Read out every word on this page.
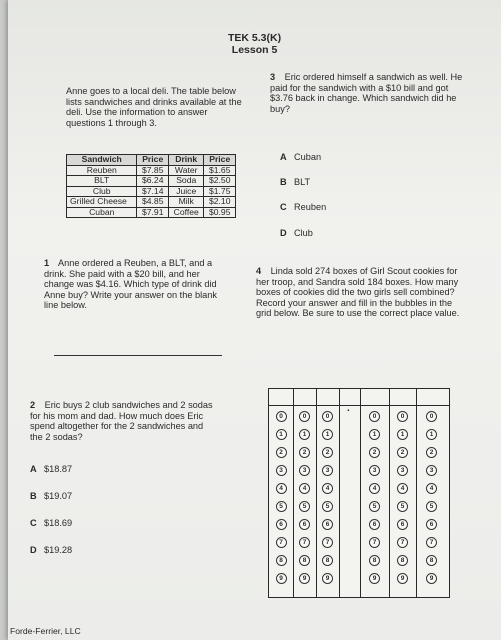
TEK 5.3(K)
Lesson 5
Anne goes to a local deli. The table below lists sandwiches and drinks available at the deli. Use the information to answer questions 1 through 3.
Sandwich	Price	Drink	Price
Reuben	$7.85	Water	$1.65
BLT	$6.24	Soda	$2.50
Club	$7.14	Juice	$1.75
Grilled Cheese	$4.85	Milk	$2.10
Cuban	$7.91	Coffee	$0.95
1 Anne ordered a Reuben, a BLT, and a drink. She paid with a $20 bill, and her change was $4.16. Which type of drink did Anne buy? Write your answer on the blank line below.
2 Eric buys 2 club sandwiches and 2 sodas for his mom and dad. How much does Eric spend altogether for the 2 sandwiches and the 2 sodas?
A $18.87
B $19.07
C $18.69
D $19.28
3 Eric ordered himself a sandwich as well. He paid for the sandwich with a $10 bill and got $3.76 back in change. Which sandwich did he buy?
A Cuban
B BLT
C Reuben
D Club
4 Linda sold 274 boxes of Girl Scout cookies for her troop, and Sandra sold 184 boxes. How many boxes of cookies did the two girls sell combined? Record your answer and fill in the bubbles in the grid below. Be sure to use the correct place value.
0
1
2
3
4
5
6
7
8
9
0
1
2
3
4
5
6
7
8
9
0
1
2
3
4
5
6
7
8
9
.
0
1
2
3
4
5
6
7
8
9
0
1
2
3
4
5
6
7
8
9
0
1
2
3
4
5
6
7
8
9
Forde-Ferrier, LLC
